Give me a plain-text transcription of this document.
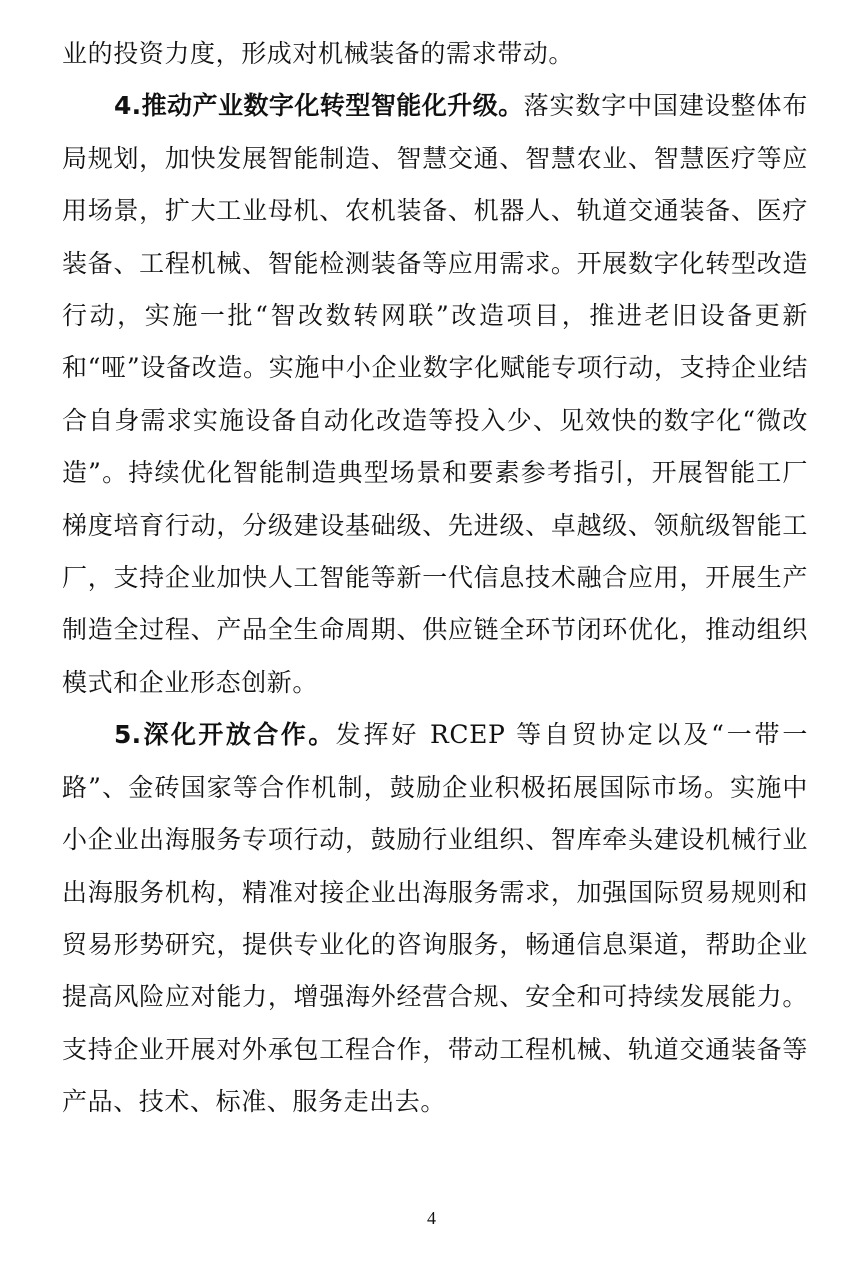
业的投资力度，形成对机械装备的需求带动。

4.推动产业数字化转型智能化升级。落实数字中国建设整体布局规划，加快发展智能制造、智慧交通、智慧农业、智慧医疗等应用场景，扩大工业母机、农机装备、机器人、轨道交通装备、医疗装备、工程机械、智能检测装备等应用需求。开展数字化转型改造行动，实施一批“智改数转网联”改造项目，推进老旧设备更新和“哑”设备改造。实施中小企业数字化赋能专项行动，支持企业结合自身需求实施设备自动化改造等投入少、见效快的数字化“微改造”。持续优化智能制造典型场景和要素参考指引，开展智能工厂梯度培育行动，分级建设基础级、先进级、卓越级、领航级智能工厂，支持企业加快人工智能等新一代信息技术融合应用，开展生产制造全过程、产品全生命周期、供应链全环节闭环优化，推动组织模式和企业形态创新。

5.深化开放合作。发挥好 RCEP 等自贸协定以及“一带一路”、金砖国家等合作机制，鼓励企业积极拓展国际市场。实施中小企业出海服务专项行动，鼓励行业组织、智库牵头建设机械行业出海服务机构，精准对接企业出海服务需求，加强国际贸易规则和贸易形势研究，提供专业化的咨询服务，畅通信息渠道，帮助企业提高风险应对能力，增强海外经营合规、安全和可持续发展能力。支持企业开展对外承包工程合作，带动工程机械、轨道交通装备等产品、技术、标准、服务走出去。

4
